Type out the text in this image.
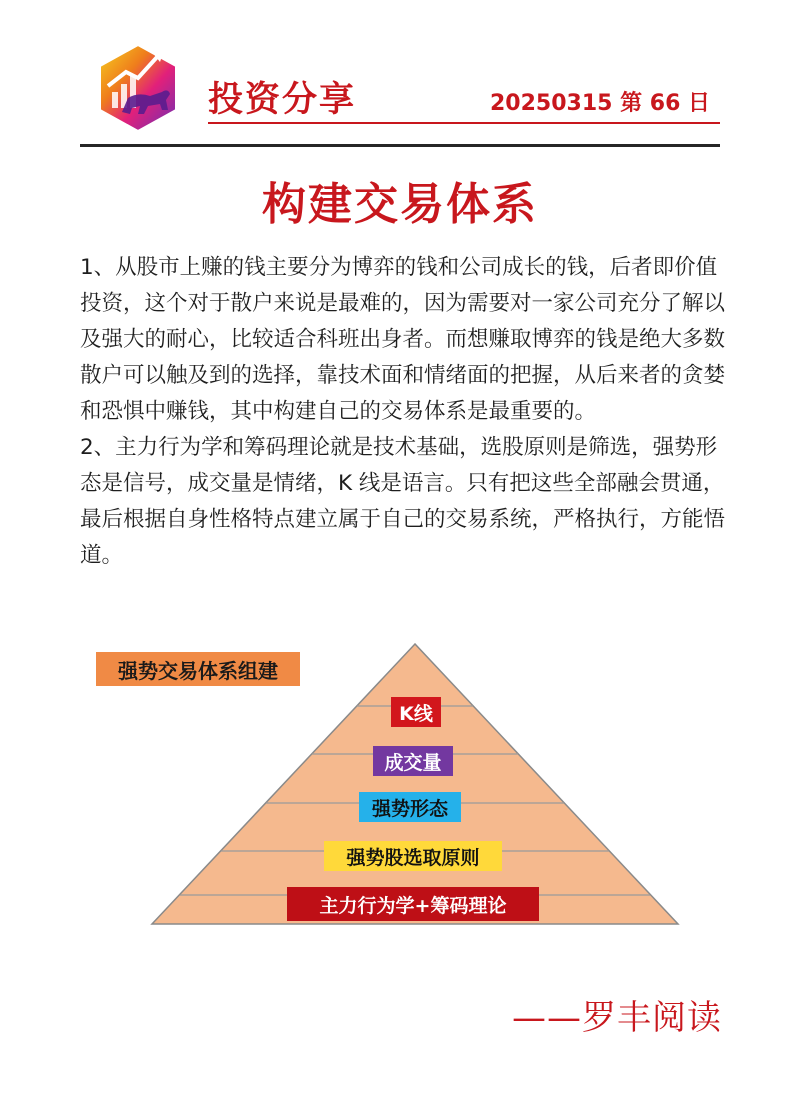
投资分享	20250315 第 66 日
构建交易体系

1、从股市上赚的钱主要分为博弈的钱和公司成长的钱，后者即价值投资，这个对于散户来说是最难的，因为需要对一家公司充分了解以及强大的耐心，比较适合科班出身者。而想赚取博弈的钱是绝大多数散户可以触及到的选择，靠技术面和情绪面的把握，从后来者的贪婪和恐惧中赚钱，其中构建自己的交易体系是最重要的。

2、主力行为学和筹码理论就是技术基础，选股原则是筛选，强势形态是信号，成交量是情绪，K 线是语言。只有把这些全部融会贯通，最后根据自身性格特点建立属于自己的交易系统，严格执行，方能悟道。

强势交易体系组建
K线
成交量
强势形态
强势股选取原则
主力行为学+筹码理论
——罗丰阅读
